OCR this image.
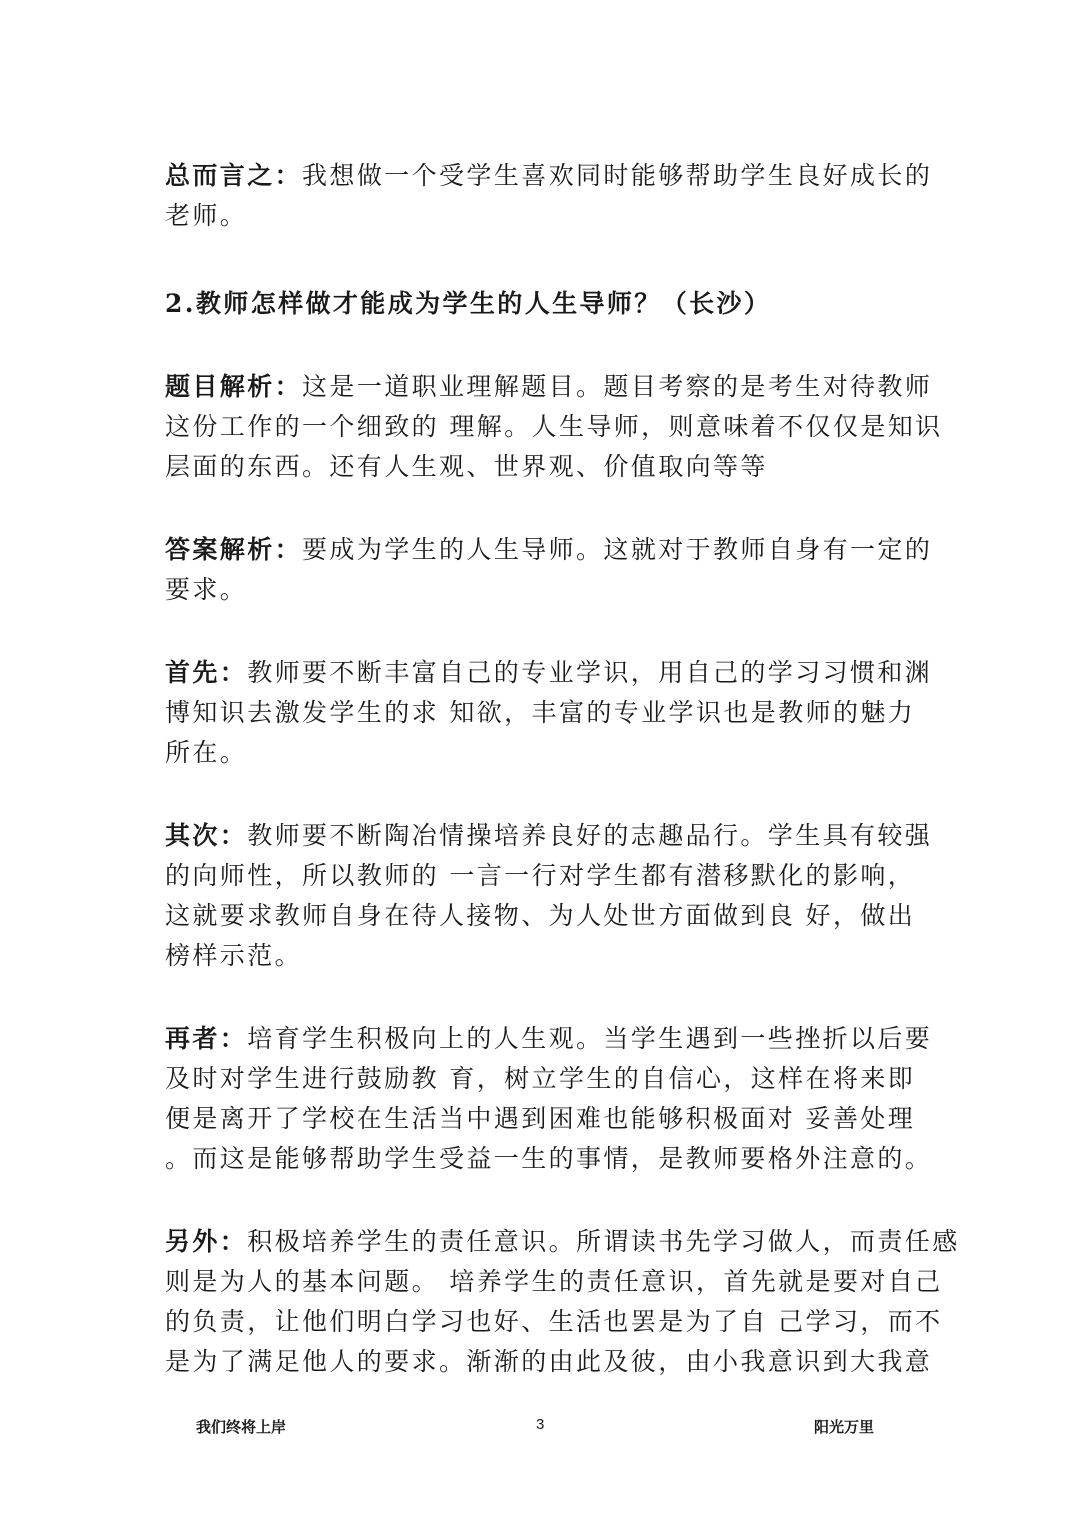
总而言之：我想做一个受学生喜欢同时能够帮助学生良好成长的
老师。

2.教师怎样做才能成为学生的人生导师？（长沙）

题目解析：这是一道职业理解题目。题目考察的是考生对待教师
这份工作的一个细致的 理解。人生导师，则意味着不仅仅是知识
层面的东西。还有人生观、世界观、价值取向等等

答案解析：要成为学生的人生导师。这就对于教师自身有一定的
要求。

首先：教师要不断丰富自己的专业学识，用自己的学习习惯和渊
博知识去激发学生的求 知欲，丰富的专业学识也是教师的魅力
所在。

其次：教师要不断陶冶情操培养良好的志趣品行。学生具有较强
的向师性，所以教师的 一言一行对学生都有潜移默化的影响，
这就要求教师自身在待人接物、为人处世方面做到良 好，做出
榜样示范。

再者：培育学生积极向上的人生观。当学生遇到一些挫折以后要
及时对学生进行鼓励教 育，树立学生的自信心，这样在将来即
便是离开了学校在生活当中遇到困难也能够积极面对 妥善处理
。而这是能够帮助学生受益一生的事情，是教师要格外注意的。

另外：积极培养学生的责任意识。所谓读书先学习做人，而责任感
则是为人的基本问题。 培养学生的责任意识，首先就是要对自己
的负责，让他们明白学习也好、生活也罢是为了自 己学习，而不
是为了满足他人的要求。渐渐的由此及彼，由小我意识到大我意

我们终将上岸	3	阳光万里
